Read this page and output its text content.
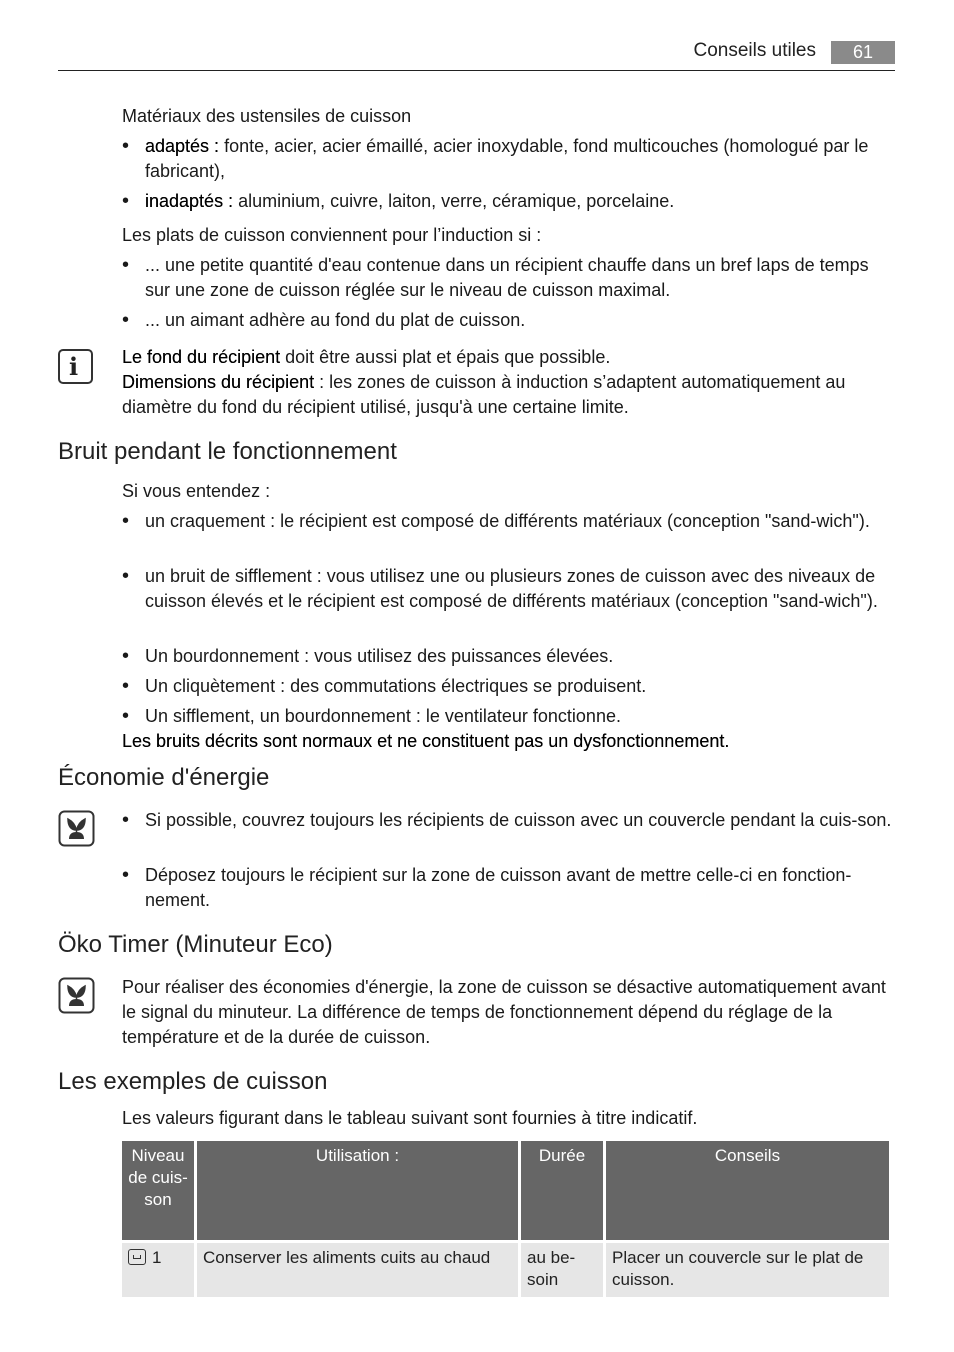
Conseils utiles	61
Matériaux des ustensiles de cuisson
• adaptés : fonte, acier, acier émaillé, acier inoxydable, fond multicouches (homologué par le fabricant),
• inadaptés : aluminium, cuivre, laiton, verre, céramique, porcelaine.
Les plats de cuisson conviennent pour l’induction si :
• ... une petite quantité d'eau contenue dans un récipient chauffe dans un bref laps de temps sur une zone de cuisson réglée sur le niveau de cuisson maximal.
• ... un aimant adhère au fond du plat de cuisson.
i Le fond du récipient doit être aussi plat et épais que possible.
Dimensions du récipient : les zones de cuisson à induction s’adaptent automatiquement au diamètre du fond du récipient utilisé, jusqu'à une certaine limite.
Bruit pendant le fonctionnement
Si vous entendez :
• un craquement : le récipient est composé de différents matériaux (conception "sand-wich").
• un bruit de sifflement : vous utilisez une ou plusieurs zones de cuisson avec des niveaux de cuisson élevés et le récipient est composé de différents matériaux (conception "sand-wich").
• Un bourdonnement : vous utilisez des puissances élevées.
• Un cliquètement : des commutations électriques se produisent.
• Un sifflement, un bourdonnement : le ventilateur fonctionne.
Les bruits décrits sont normaux et ne constituent pas un dysfonctionnement.
Économie d'énergie
• Si possible, couvrez toujours les récipients de cuisson avec un couvercle pendant la cuis-son.
• Déposez toujours le récipient sur la zone de cuisson avant de mettre celle-ci en fonction-nement.
Öko Timer (Minuteur Eco)
Pour réaliser des économies d'énergie, la zone de cuisson se désactive automatiquement avant le signal du minuteur. La différence de temps de fonctionnement dépend du réglage de la température et de la durée de cuisson.
Les exemples de cuisson
Les valeurs figurant dans le tableau suivant sont fournies à titre indicatif.
Niveau de cuis-son	Utilisation :	Durée	Conseils
1	Conserver les aliments cuits au chaud	au be-soin	Placer un couvercle sur le plat de cuisson.
